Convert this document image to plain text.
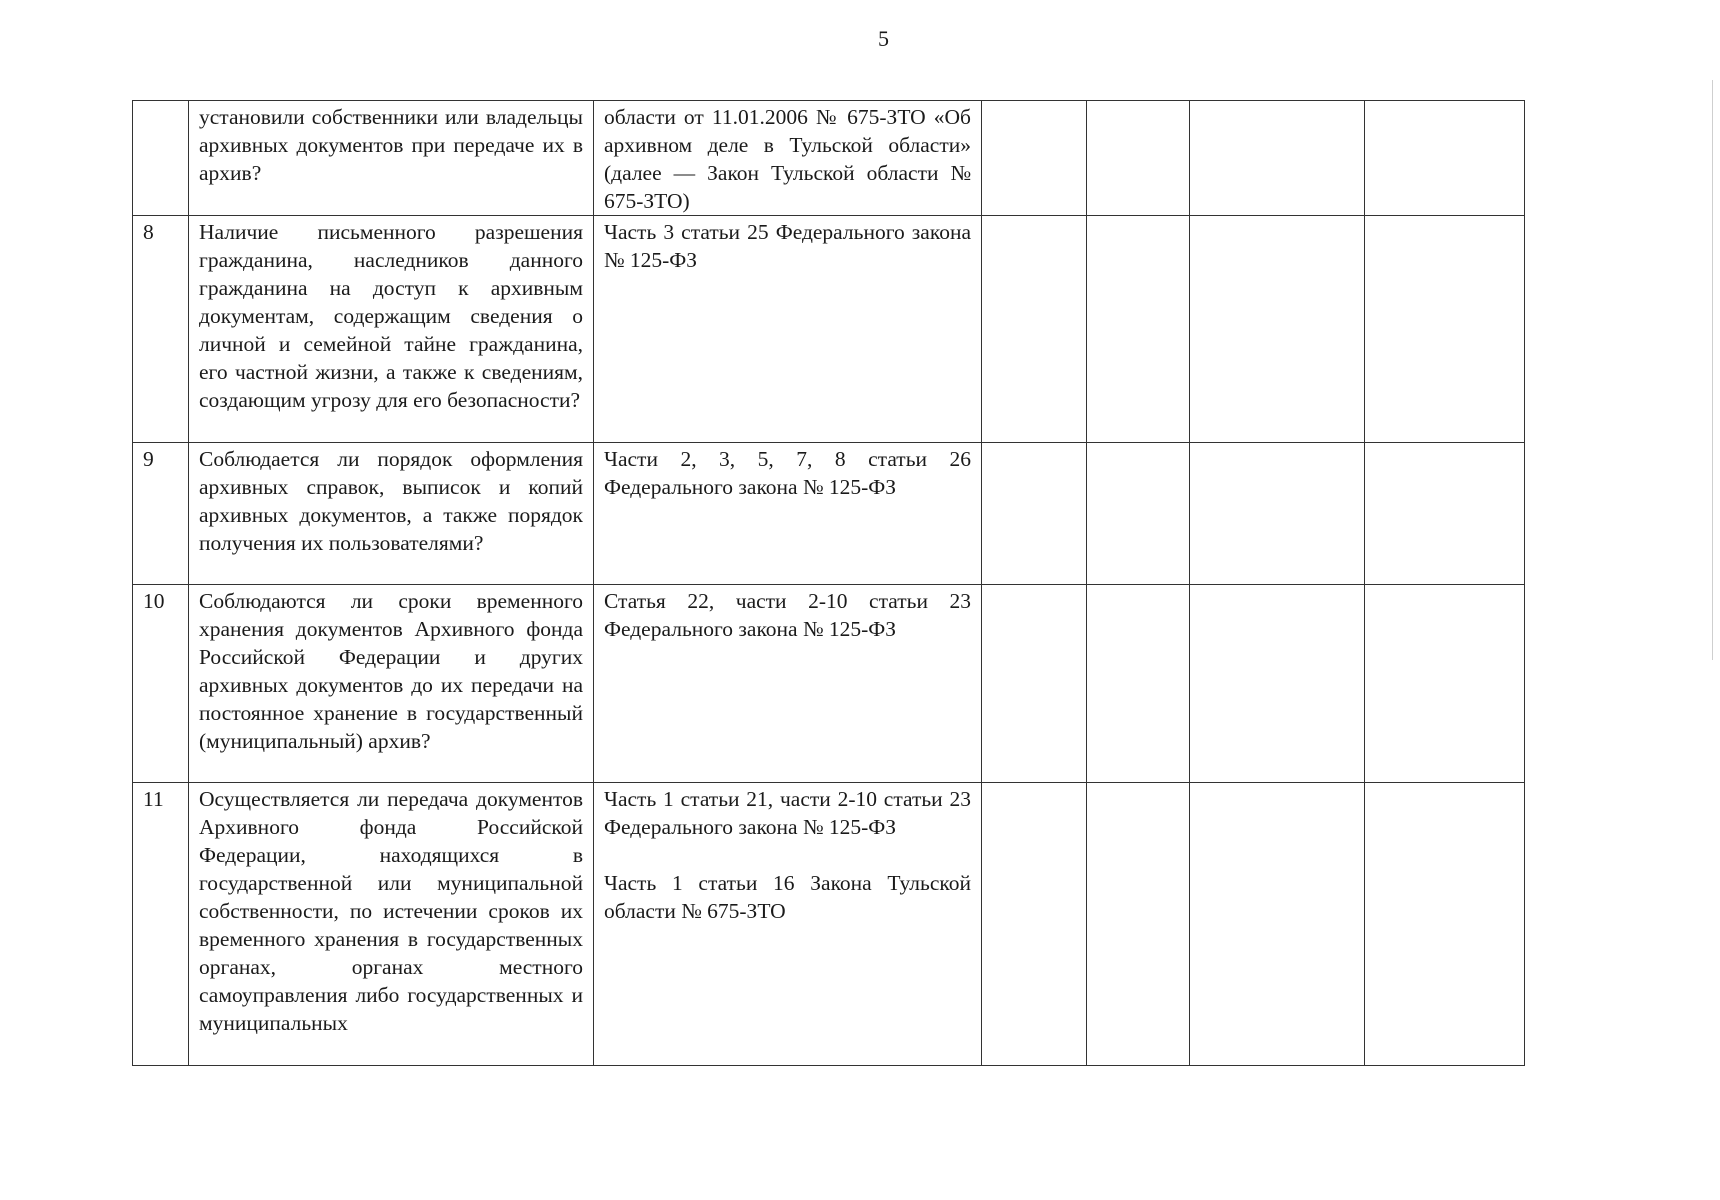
5
	установили собственники или владельцы архивных документов при передаче их в архив?	области от 11.01.2006 № 675-ЗТО «Об архивном деле в Тульской области» (далее — Закон Тульской области № 675-ЗТО)				

8	Наличие письменного разрешения гражданина, наследников данного гражданина на доступ к архивным документам, содержащим сведения о личной и семейной тайне гражданина, его частной жизни, а также к сведениям, создающим угрозу для его безопасности?	Часть 3 статьи 25 Федерального закона № 125-ФЗ				

9	Соблюдается ли порядок оформления архивных справок, выписок и копий архивных документов, а также порядок получения их пользователями?	Части 2, 3, 5, 7, 8 статьи 26 Федерального закона № 125-ФЗ				

10	Соблюдаются ли сроки временного хранения документов Архивного фонда Российской Федерации и других архивных документов до их передачи на постоянное хранение в государственный (муниципальный) архив?	Статья 22, части 2-10 статьи 23 Федерального закона № 125-ФЗ				

11	Осуществляется ли передача документов Архивного фонда Российской Федерации, находящихся в государственной или муниципальной собственности, по истечении сроков их временного хранения в государственных органах, органах местного самоуправления либо государственных и муниципальных	Часть 1 статьи 21, части 2-10 статьи 23 Федерального закона № 125-ФЗ
Часть 1 статьи 16 Закона Тульской области № 675-ЗТО				
